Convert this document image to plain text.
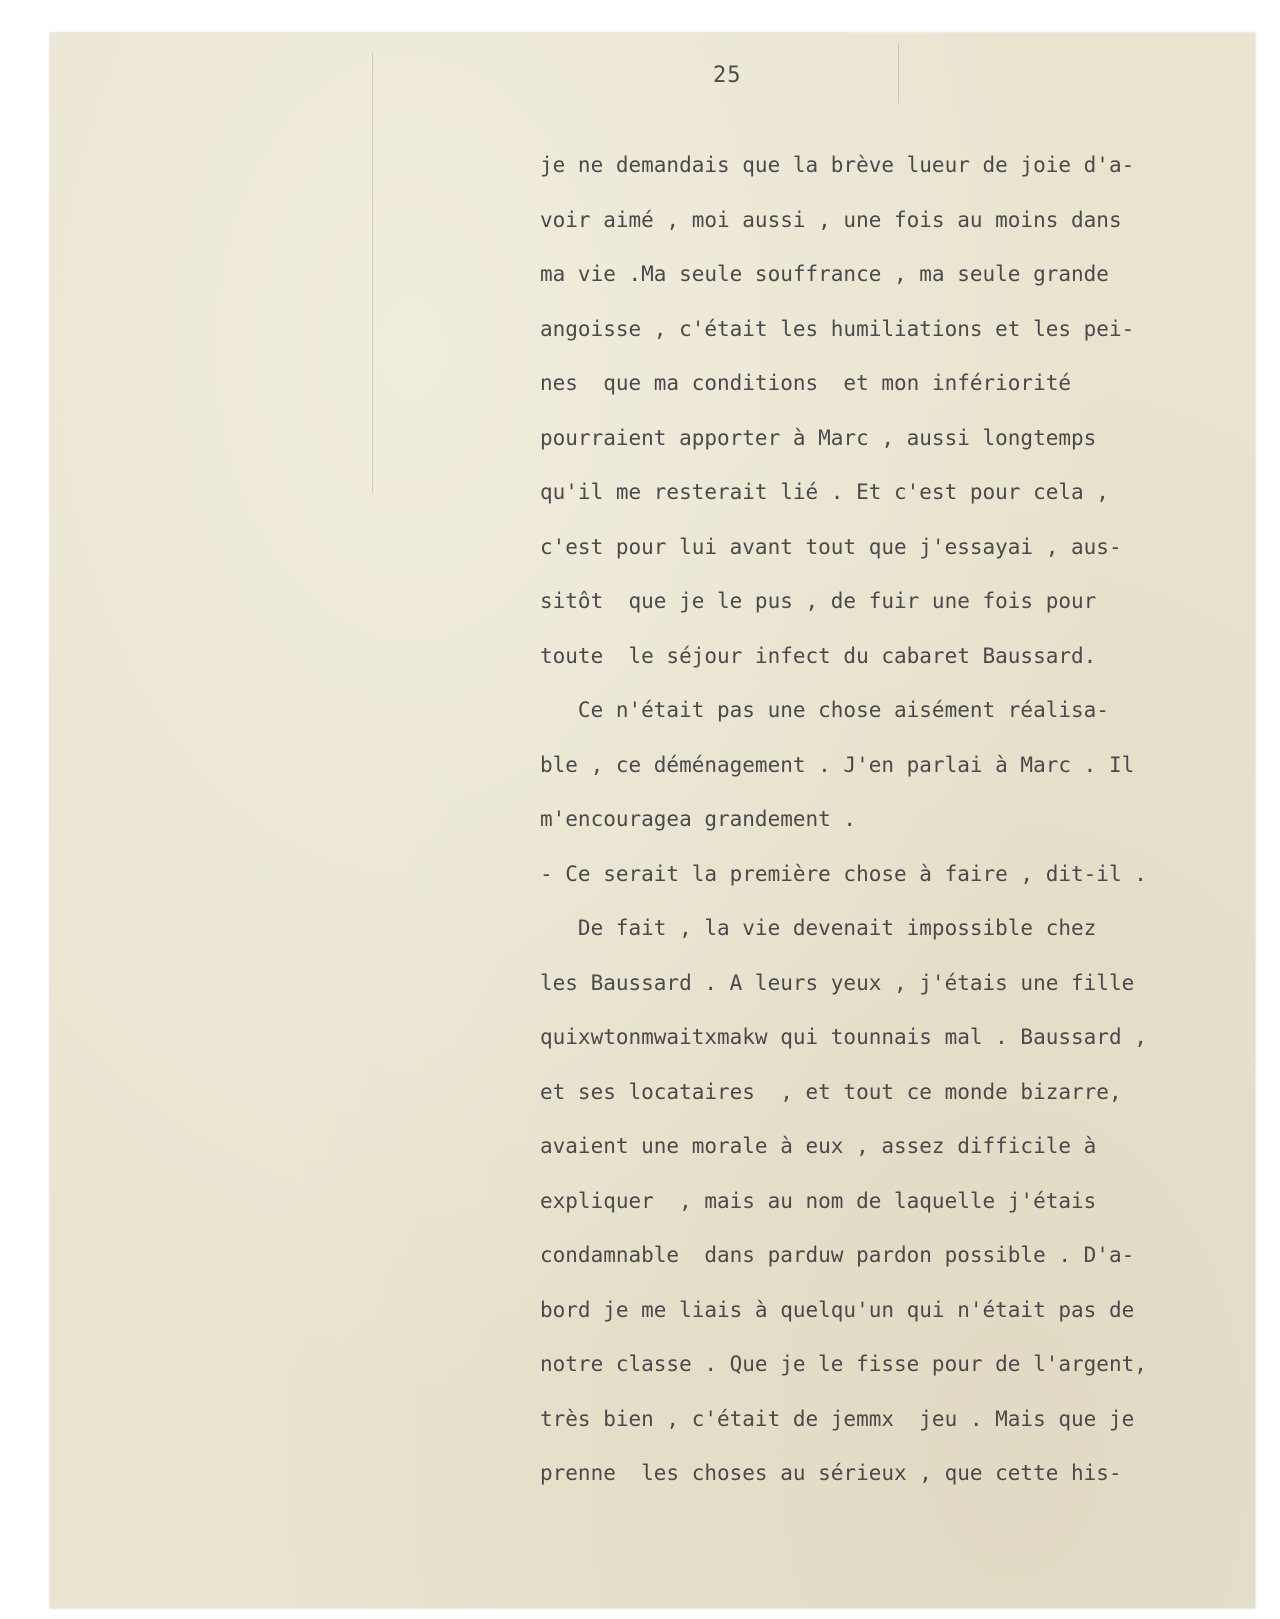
25

je ne demandais que la brève lueur de joie d'a-
voir aimé , moi aussi , une fois au moins dans
ma vie .Ma seule souffrance , ma seule grande
angoisse , c'était les humiliations et les pei-
nes  que ma conditions  et mon infériorité
pourraient apporter à Marc , aussi longtemps
qu'il me resterait lié . Et c'est pour cela ,
c'est pour lui avant tout que j'essayai , aus-
sitôt  que je le pus , de fuir une fois pour
toute  le séjour infect du cabaret Baussard.
Ce n'était pas une chose aisément réalisa-
ble , ce déménagement . J'en parlai à Marc . Il
m'encouragea grandement .
- Ce serait la première chose à faire , dit-il .
De fait , la vie devenait impossible chez
les Baussard . A leurs yeux , j'étais une fille
quixwtonmwaitxmakw qui tounnais mal . Baussard ,
et ses locataires  , et tout ce monde bizarre,
avaient une morale à eux , assez difficile à
expliquer  , mais au nom de laquelle j'étais
condamnable  dans parduw pardon possible . D'a-
bord je me liais à quelqu'un qui n'était pas de
notre classe . Que je le fisse pour de l'argent,
très bien , c'était de jemmx  jeu . Mais que je
prenne  les choses au sérieux , que cette his-
